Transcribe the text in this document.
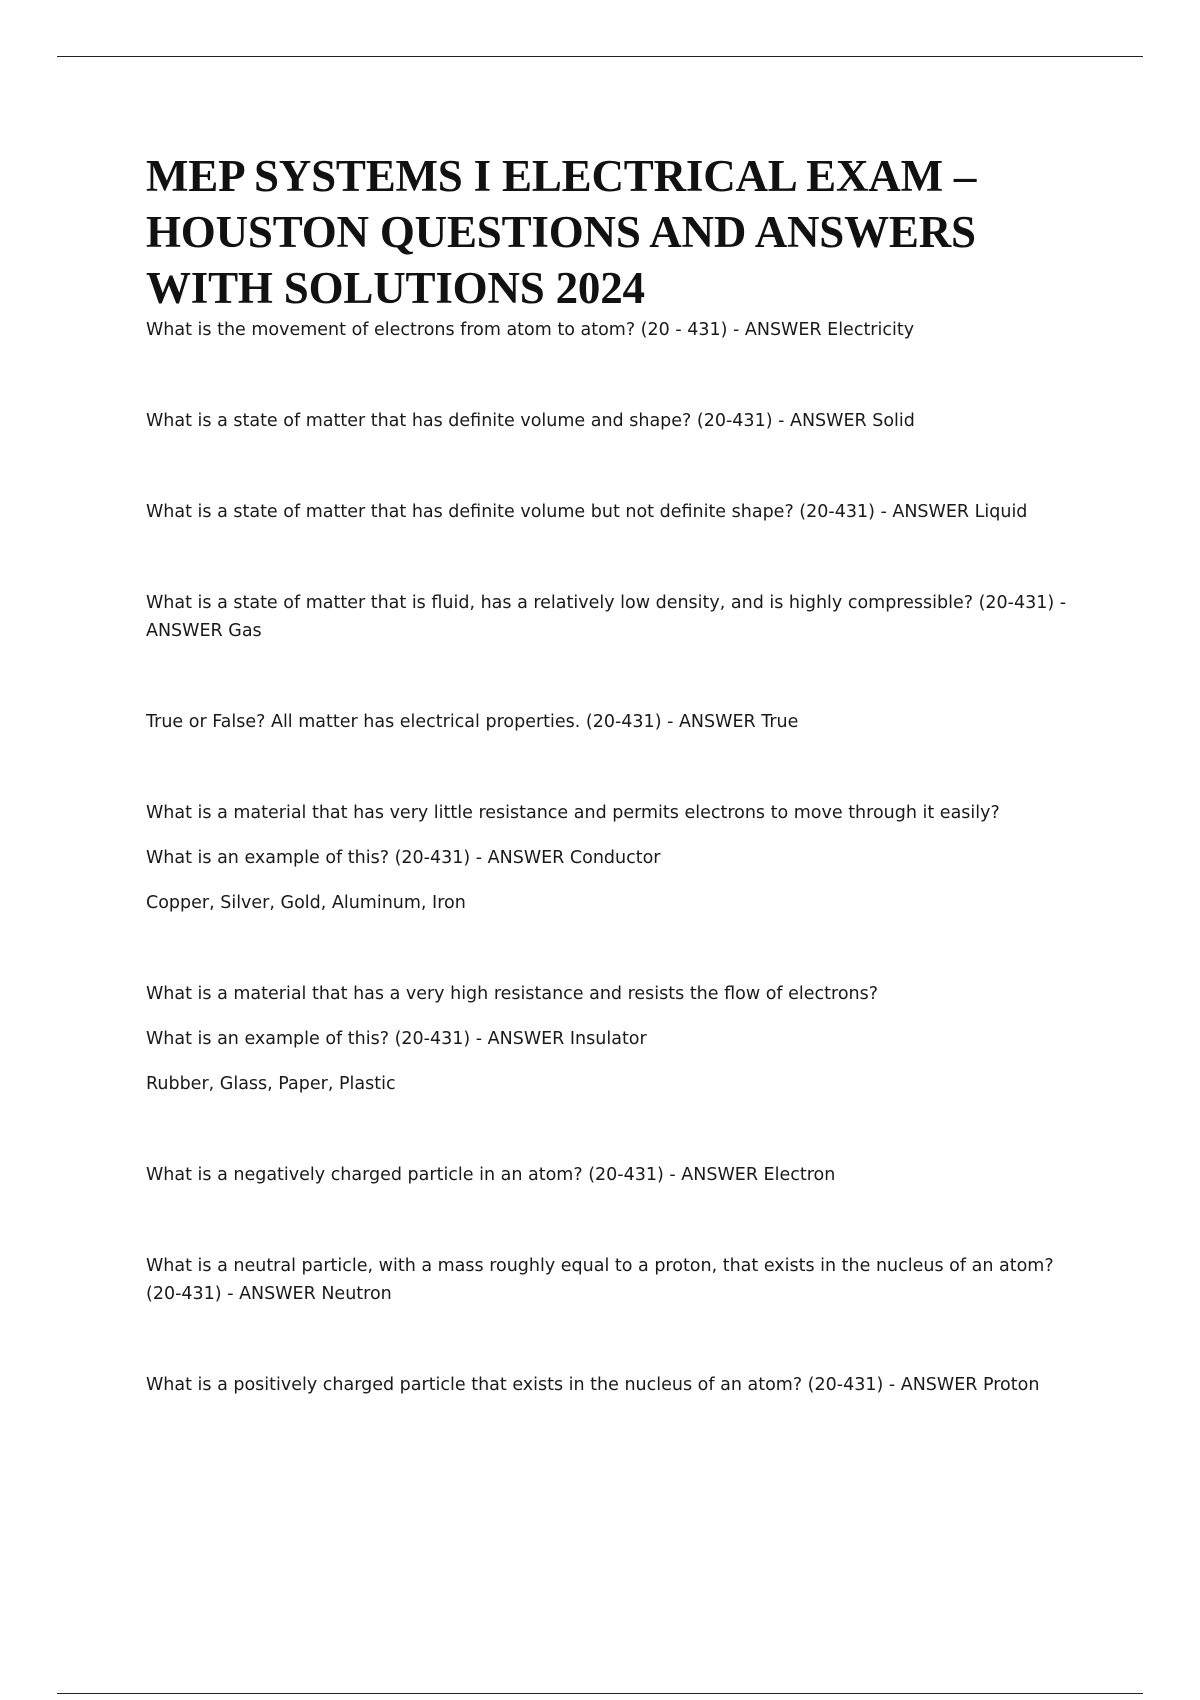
MEP SYSTEMS I ELECTRICAL EXAM – HOUSTON QUESTIONS AND ANSWERS WITH SOLUTIONS 2024

What is the movement of electrons from atom to atom? (20 - 431) - ANSWER Electricity

What is a state of matter that has definite volume and shape? (20-431) - ANSWER Solid

What is a state of matter that has definite volume but not definite shape? (20-431) - ANSWER Liquid

What is a state of matter that is fluid, has a relatively low density, and is highly compressible? (20-431) - ANSWER Gas

True or False? All matter has electrical properties. (20-431) - ANSWER True

What is a material that has very little resistance and permits electrons to move through it easily?

What is an example of this? (20-431) - ANSWER Conductor

Copper, Silver, Gold, Aluminum, Iron

What is a material that has a very high resistance and resists the flow of electrons?

What is an example of this? (20-431) - ANSWER Insulator

Rubber, Glass, Paper, Plastic

What is a negatively charged particle in an atom? (20-431) - ANSWER Electron

What is a neutral particle, with a mass roughly equal to a proton, that exists in the nucleus of an atom? (20-431) - ANSWER Neutron

What is a positively charged particle that exists in the nucleus of an atom? (20-431) - ANSWER Proton
